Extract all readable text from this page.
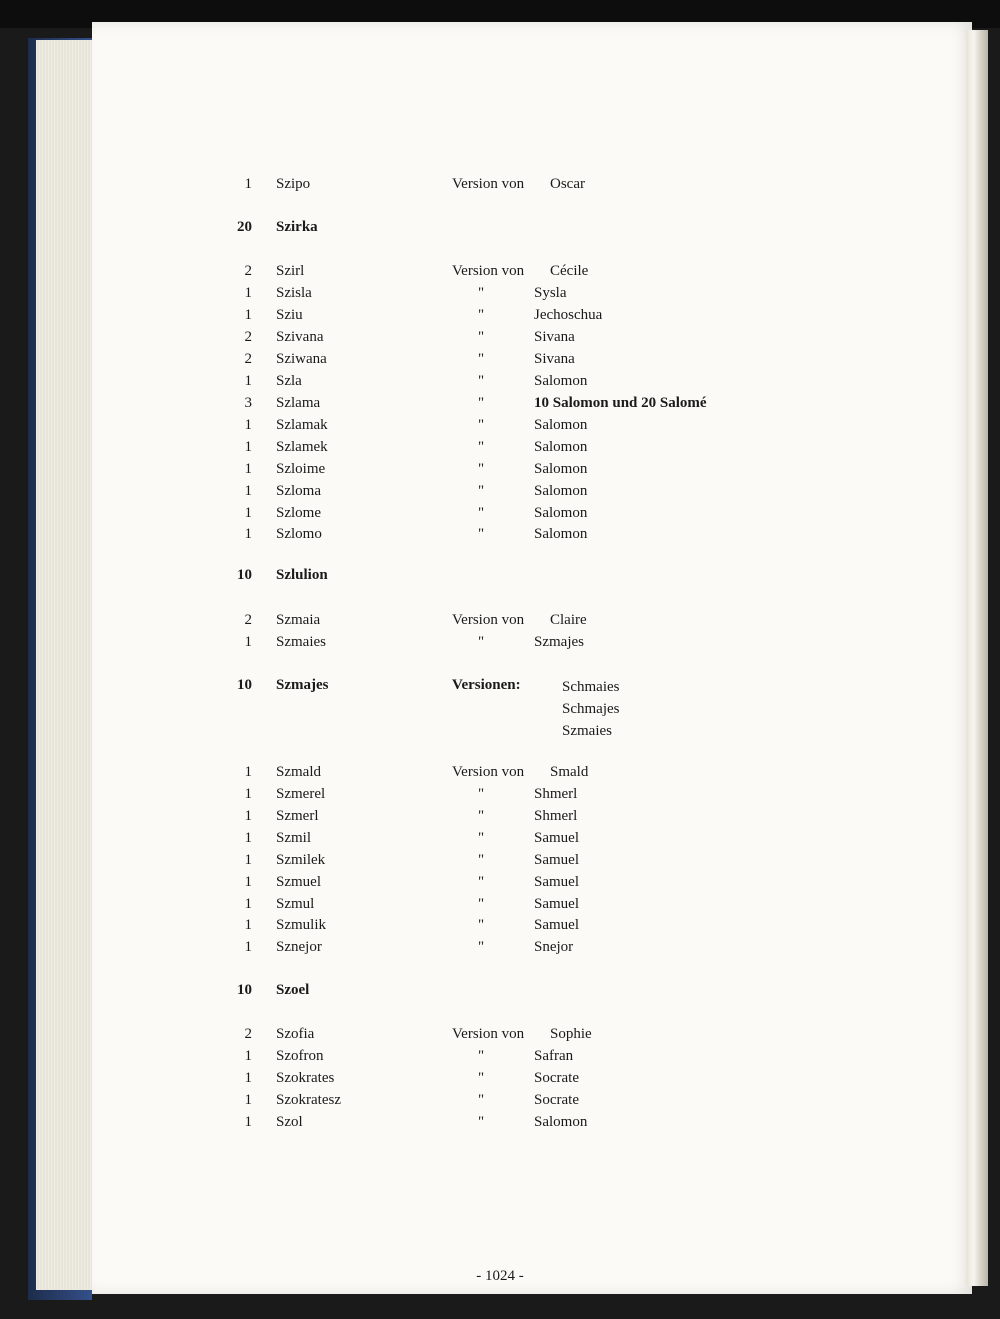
1 Szipo	Version von Oscar
20 Szirka
2 Szirl	Version von Cécile
1 Szisla	"	Sysla
1 Sziu	"	Jechoschua
2 Szivana	"	Sivana
2 Sziwana	"	Sivana
1 Szla	"	Salomon
3 Szlama	"	10 Salomon und 20 Salomé
1 Szlamak	"	Salomon
1 Szlamek	"	Salomon
1 Szloime	"	Salomon
1 Szloma	"	Salomon
1 Szlome	"	Salomon
1 Szlomo	"	Salomon
10 Szlulion
2 Szmaia	Version von Claire
1 Szmaies	"	Szmajes
10 Szmajes	Versionen:	Schmaies
Schmajes
Szmaies
1 Szmald	Version von Smald
1 Szmerel	"	Shmerl
1 Szmerl	"	Shmerl
1 Szmil	"	Samuel
1 Szmilek	"	Samuel
1 Szmuel	"	Samuel
1 Szmul	"	Samuel
1 Szmulik	"	Samuel
1 Sznejor	"	Snejor
10 Szoel
2 Szofia	Version von Sophie
1 Szofron	"	Safran
1 Szokrates	"	Socrate
1 Szokratesz	"	Socrate
1 Szol	"	Salomon
- 1024 -
